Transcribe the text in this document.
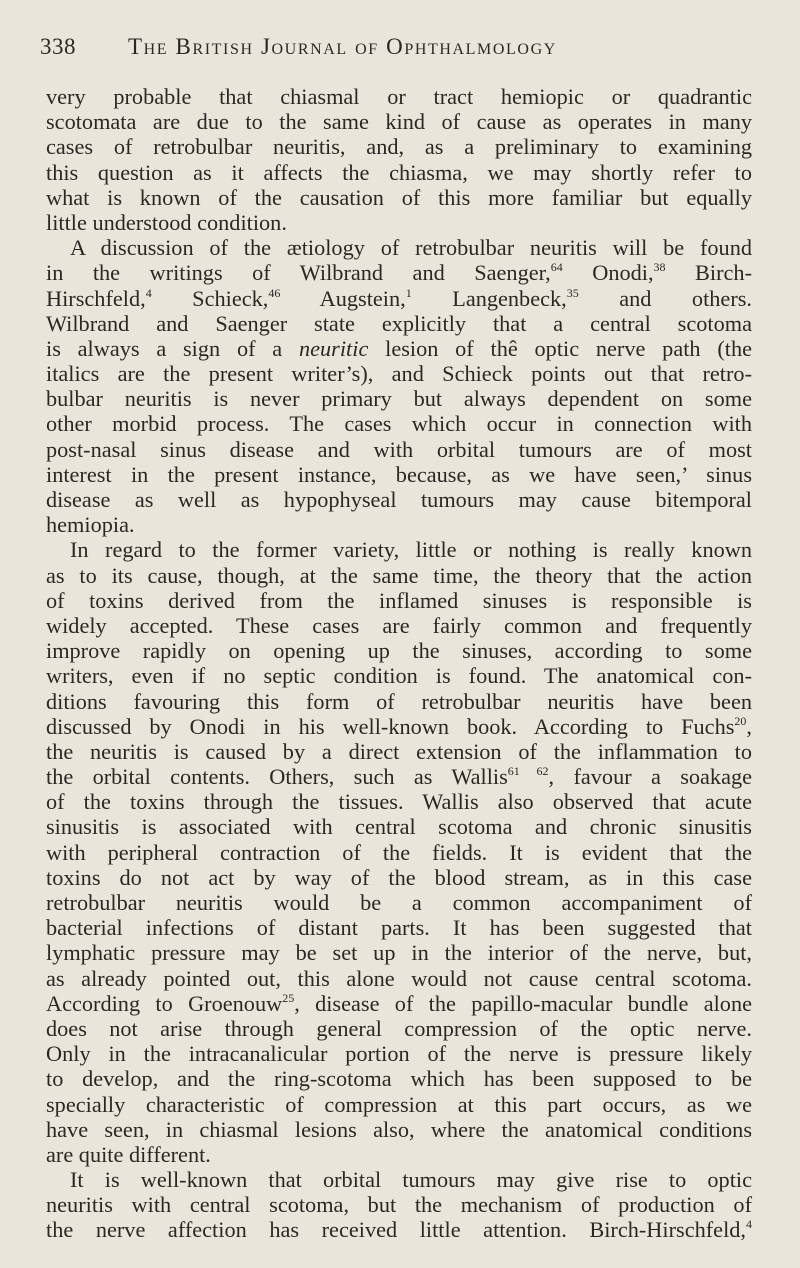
338 The British Journal of Ophthalmology
very probable that chiasmal or tract hemiopic or quadrantic
scotomata are due to the same kind of cause as operates in many
cases of retrobulbar neuritis, and, as a preliminary to examining
this question as it affects the chiasma, we may shortly refer to
what is known of the causation of this more familiar but equally
little understood condition.
A discussion of the ætiology of retrobulbar neuritis will be found
in the writings of Wilbrand and Saenger,$^{64}$ Onodi,$^{38}$ Birch-
Hirschfeld,$^4$ Schieck,$^{46}$ Augstein,$^1$ Langenbeck,$^{35}$ and others.
Wilbrand and Saenger state explicitly that a central scotoma
is always a sign of a neuritic lesion of thê optic nerve path (the
italics are the present writer’s), and Schieck points out that retro-
bulbar neuritis is never primary but always dependent on some
other morbid process. The cases which occur in connection with
post-nasal sinus disease and with orbital tumours are of most
interest in the present instance, because, as we have seen,’ sinus
disease as well as hypophyseal tumours may cause bitemporal
hemiopia.
In regard to the former variety, little or nothing is really known
as to its cause, though, at the same time, the theory that the action
of toxins derived from the inflamed sinuses is responsible is
widely accepted. These cases are fairly common and frequently
improve rapidly on opening up the sinuses, according to some
writers, even if no septic condition is found. The anatomical con-
ditions favouring this form of retrobulbar neuritis have been
discussed by Onodi in his well-known book. According to Fuchs$^{20}$,
the neuritis is caused by a direct extension of the inflammation to
the orbital contents. Others, such as Wallis$^{61 62}$, favour a soakage
of the toxins through the tissues. Wallis also observed that acute
sinusitis is associated with central scotoma and chronic sinusitis
with peripheral contraction of the fields. It is evident that the
toxins do not act by way of the blood stream, as in this case
retrobulbar neuritis would be a common accompaniment of
bacterial infections of distant parts. It has been suggested that
lymphatic pressure may be set up in the interior of the nerve, but,
as already pointed out, this alone would not cause central scotoma.
According to Groenouw$^{25}$, disease of the papillo-macular bundle alone
does not arise through general compression of the optic nerve.
Only in the intracanalicular portion of the nerve is pressure likely
to develop, and the ring-scotoma which has been supposed to be
specially characteristic of compression at this part occurs, as we
have seen, in chiasmal lesions also, where the anatomical conditions
are quite different.
It is well-known that orbital tumours may give rise to optic
neuritis with central scotoma, but the mechanism of production of
the nerve affection has received little attention. Birch-Hirschfeld,$^4$
